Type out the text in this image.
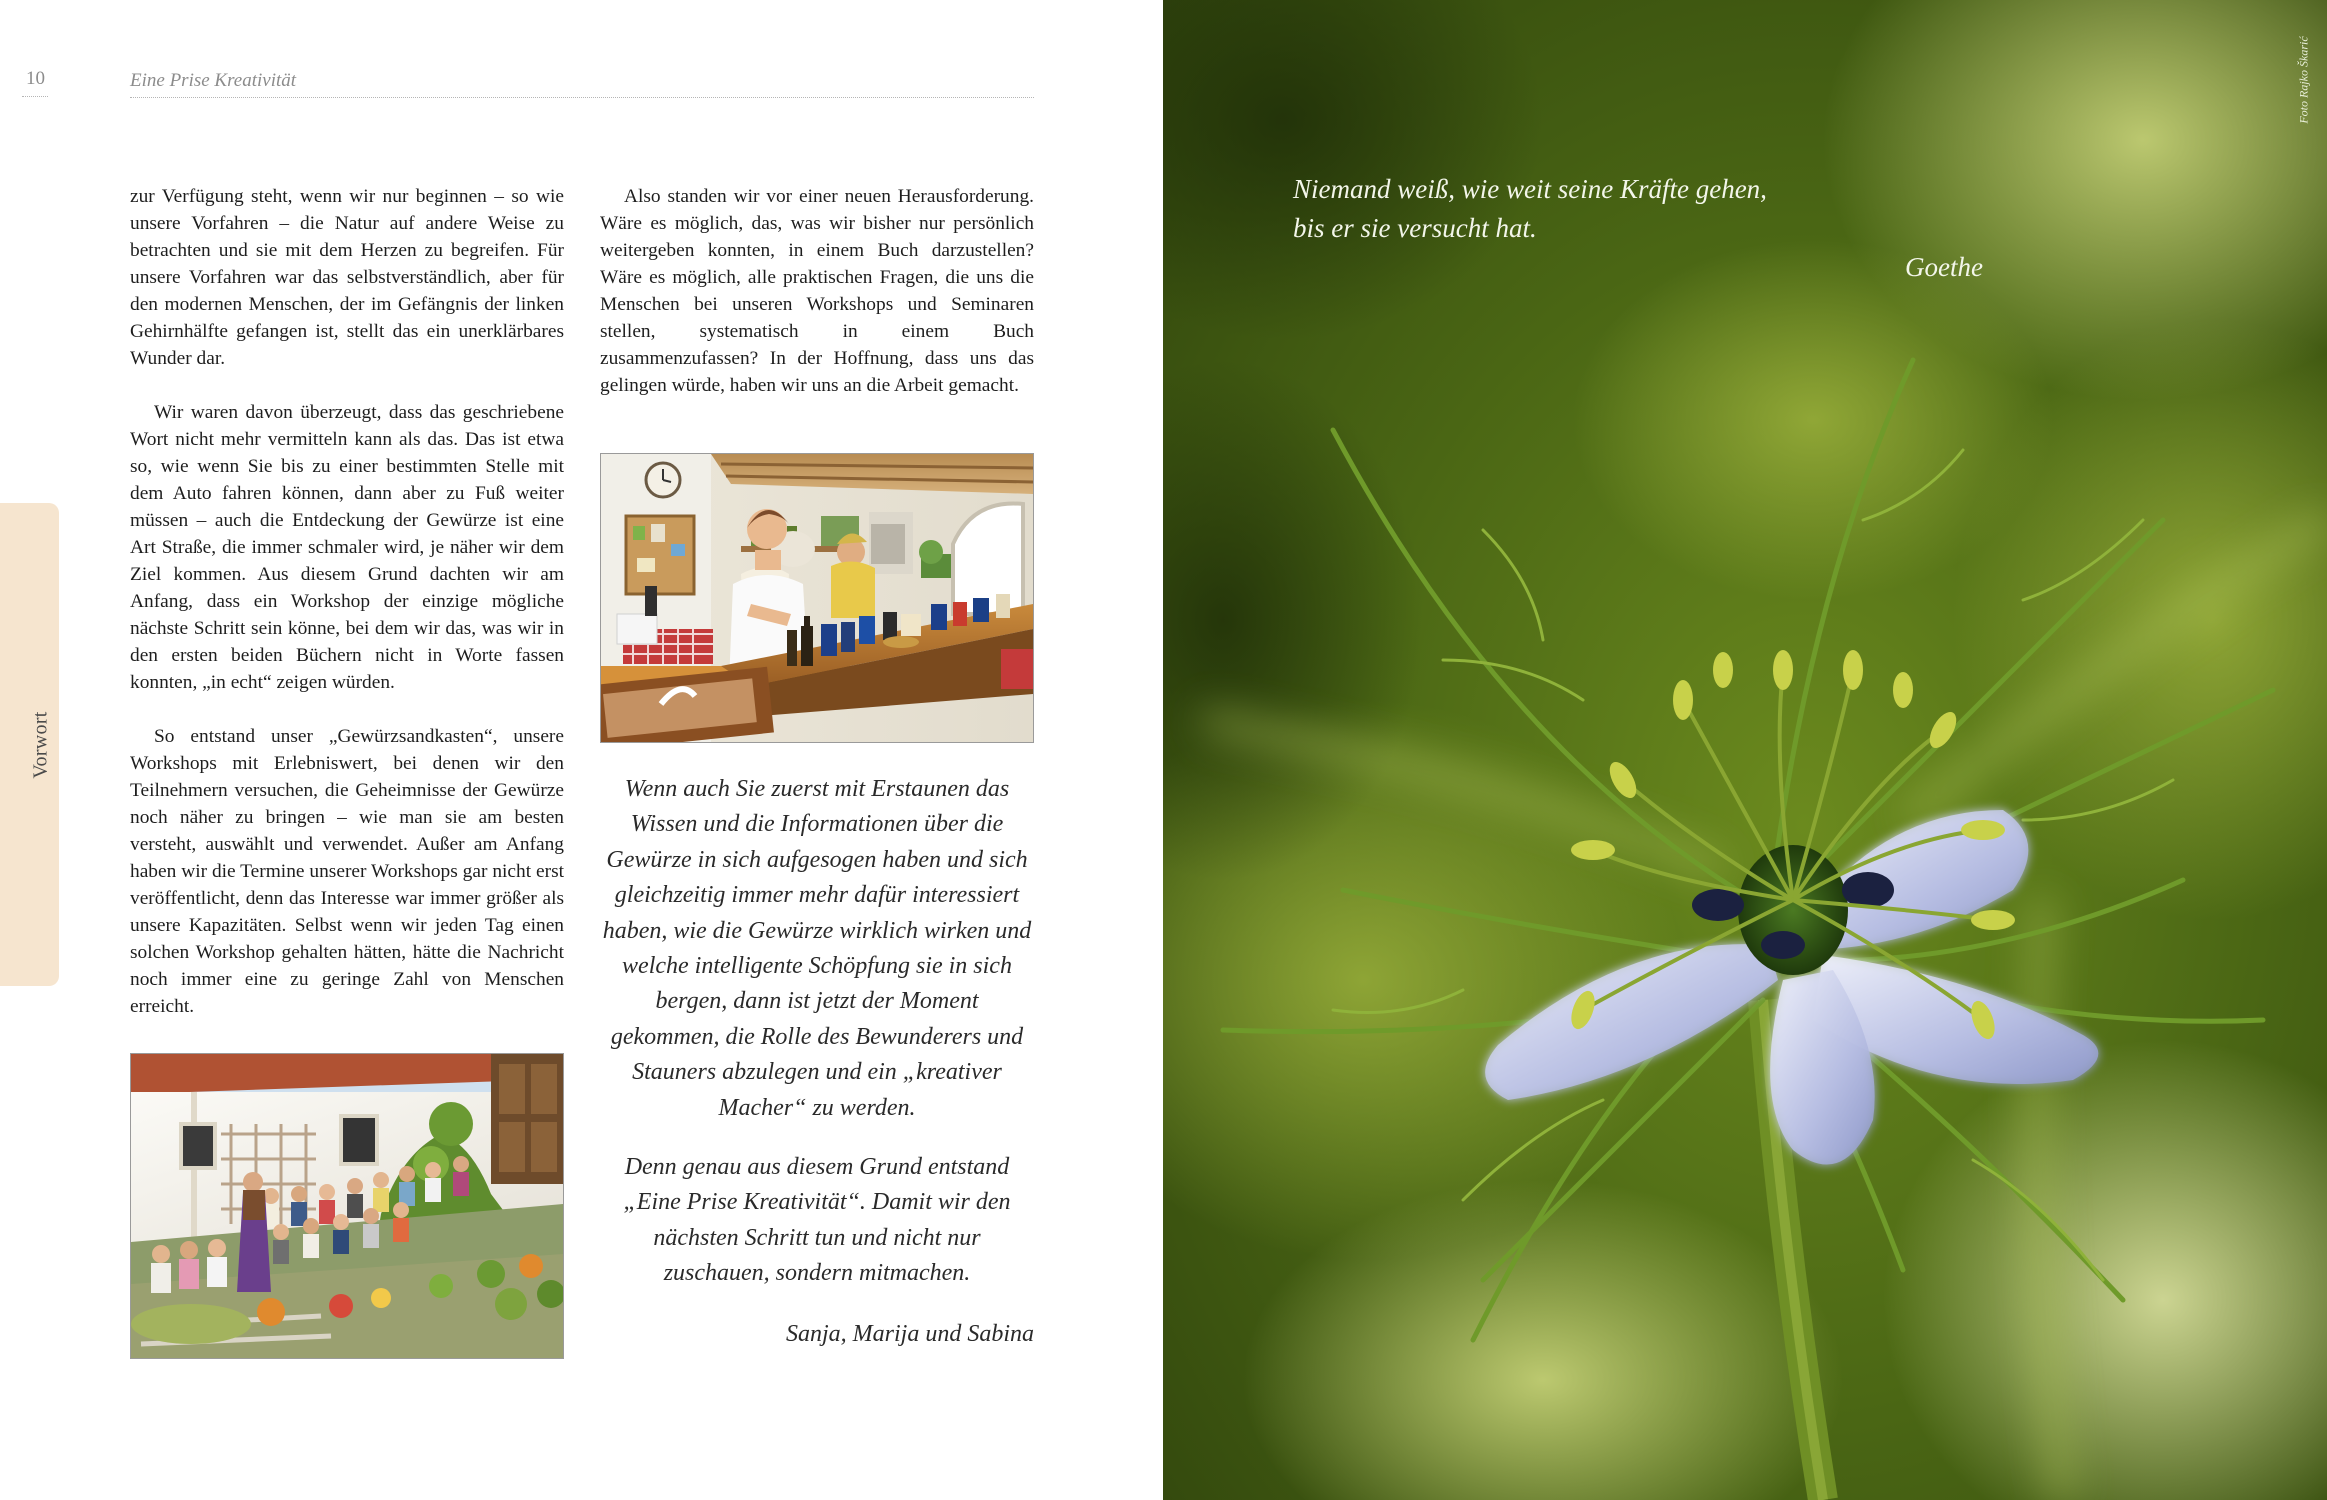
10	Eine Prise Kreativität
Vorwort

zur Verfügung steht, wenn wir nur beginnen – so wie unsere Vorfahren – die Natur auf andere Weise zu betrachten und sie mit dem Herzen zu begreifen. Für unsere Vorfahren war das selbstverständlich, aber für den modernen Menschen, der im Gefängnis der linken Gehirnhälfte gefangen ist, stellt das ein unerklärbares Wunder dar.

Wir waren davon überzeugt, dass das geschriebene Wort nicht mehr vermitteln kann als das. Das ist etwa so, wie wenn Sie bis zu einer bestimmten Stelle mit dem Auto fahren können, dann aber zu Fuß weiter müssen – auch die Entdeckung der Gewürze ist eine Art Straße, die immer schmaler wird, je näher wir dem Ziel kommen. Aus diesem Grund dachten wir am Anfang, dass ein Workshop der einzige mögliche nächste Schritt sein könne, bei dem wir das, was wir in den ersten beiden Büchern nicht in Worte fassen konnten, „in echt“ zeigen würden.

So entstand unser „Gewürzsandkasten“, unsere Workshops mit Erlebniswert, bei denen wir den Teilnehmern versuchen, die Geheimnisse der Gewürze noch näher zu bringen – wie man sie am besten versteht, auswählt und verwendet. Außer am Anfang haben wir die Termine unserer Workshops gar nicht erst veröffentlicht, denn das Interesse war immer größer als unsere Kapazitäten. Selbst wenn wir jeden Tag einen solchen Workshop gehalten hätten, hätte die Nachricht noch immer eine zu geringe Zahl von Menschen erreicht.

Also standen wir vor einer neuen Herausforderung. Wäre es möglich, das, was wir bisher nur persönlich weitergeben konnten, in einem Buch darzustellen? Wäre es möglich, alle praktischen Fragen, die uns die Menschen bei unseren Workshops und Seminaren stellen, systematisch in einem Buch zusammenzufassen? In der Hoffnung, dass uns das gelingen würde, haben wir uns an die Arbeit gemacht.

Wenn auch Sie zuerst mit Erstaunen das Wissen und die Informationen über die Gewürze in sich aufgesogen haben und sich gleichzeitig immer mehr dafür interessiert haben, wie die Gewürze wirklich wirken und welche intelligente Schöpfung sie in sich bergen, dann ist jetzt der Moment gekommen, die Rolle des Bewunderers und Stauners abzulegen und ein „kreativer Macher“ zu werden.

Denn genau aus diesem Grund entstand „Eine Prise Kreativität“. Damit wir den nächsten Schritt tun und nicht nur zuschauen, sondern mitmachen.

Sanja, Marija und Sabina
Foto Rajko Škarić
Niemand weiß, wie weit seine Kräfte gehen,
bis er sie versucht hat.
Goethe
